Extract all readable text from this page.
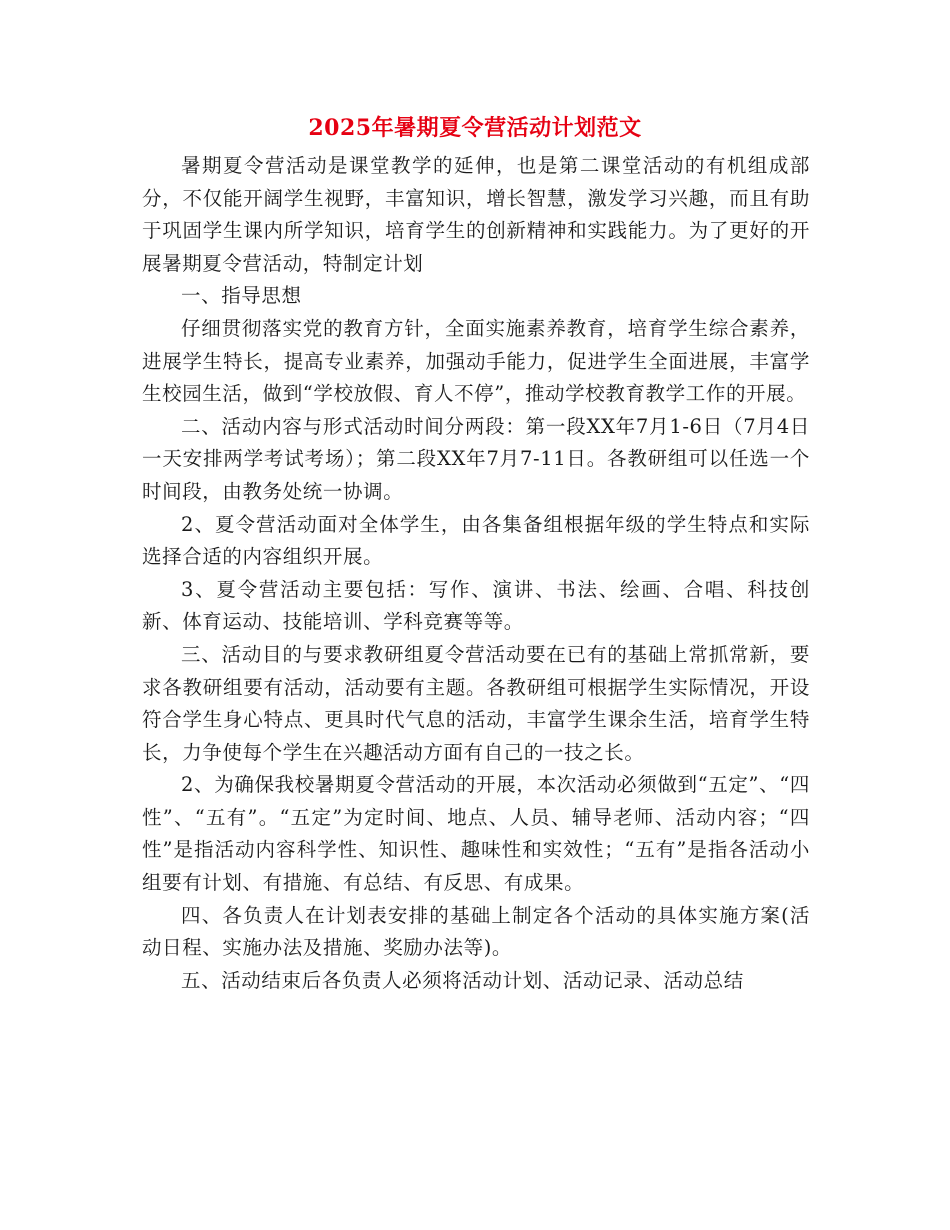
2025年暑期夏令营活动计划范文

暑期夏令营活动是课堂教学的延伸，也是第二课堂活动的有机组成部分，不仅能开阔学生视野，丰富知识，增长智慧，激发学习兴趣，而且有助于巩固学生课内所学知识，培育学生的创新精神和实践能力。为了更好的开展暑期夏令营活动，特制定计划

一、指导思想

仔细贯彻落实党的教育方针，全面实施素养教育，培育学生综合素养，进展学生特长，提高专业素养，加强动手能力，促进学生全面进展，丰富学生校园生活，做到“学校放假、育人不停”，推动学校教育教学工作的开展。

二、活动内容与形式活动时间分两段：第一段XX年7月1-6日（7月4日一天安排两学考试考场）；第二段XX年7月7-11日。各教研组可以任选一个时间段，由教务处统一协调。

2、夏令营活动面对全体学生，由各集备组根据年级的学生特点和实际选择合适的内容组织开展。

3、夏令营活动主要包括：写作、演讲、书法、绘画、合唱、科技创新、体育运动、技能培训、学科竞赛等等。

三、活动目的与要求教研组夏令营活动要在已有的基础上常抓常新，要求各教研组要有活动，活动要有主题。各教研组可根据学生实际情况，开设符合学生身心特点、更具时代气息的活动，丰富学生课余生活，培育学生特长，力争使每个学生在兴趣活动方面有自己的一技之长。

2、为确保我校暑期夏令营活动的开展，本次活动必须做到“五定”、“四性”、“五有”。“五定”为定时间、地点、人员、辅导老师、活动内容；“四性”是指活动内容科学性、知识性、趣味性和实效性；“五有”是指各活动小组要有计划、有措施、有总结、有反思、有成果。

四、各负责人在计划表安排的基础上制定各个活动的具体实施方案(活动日程、实施办法及措施、奖励办法等)。

五、活动结束后各负责人必须将活动计划、活动记录、活动总结
